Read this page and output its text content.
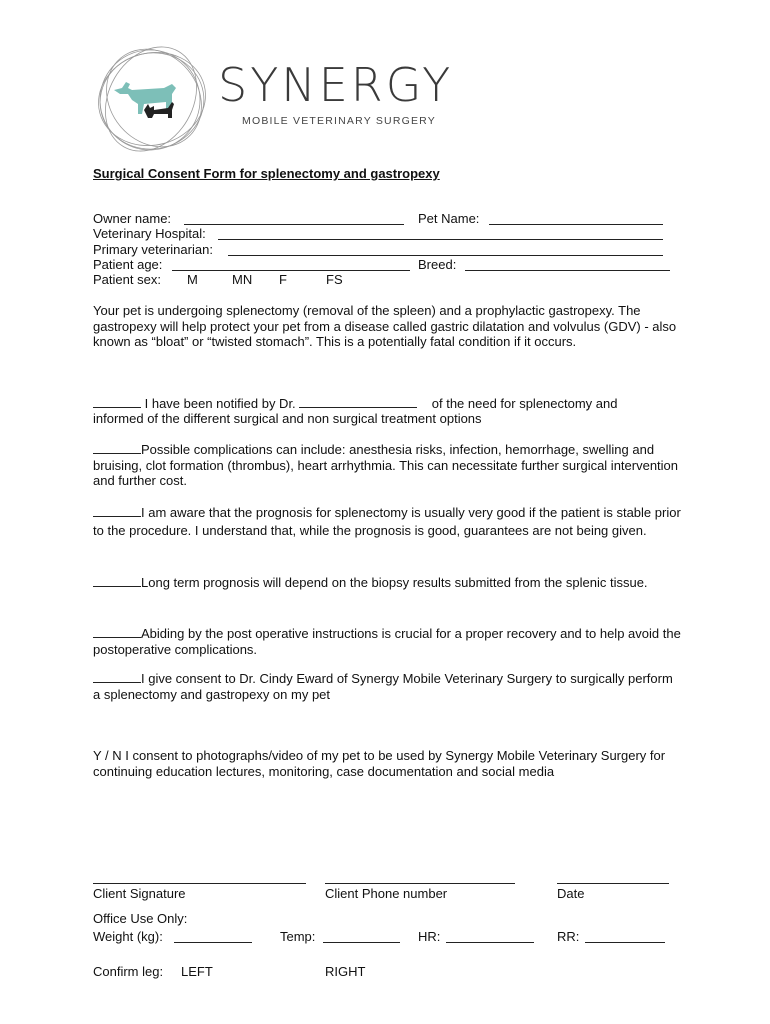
SYNERGY
MOBILE VETERINARY SURGERY
Surgical Consent Form for splenectomy and gastropexy
Owner name:	Pet Name:
Veterinary Hospital:
Primary veterinarian:
Patient age:	Breed:
Patient sex: M	MN F	FS
Your pet is undergoing splenectomy (removal of the spleen) and a prophylactic gastropexy. The gastropexy will help protect your pet from a disease called gastric dilatation and volvulus (GDV) - also known as “bloat” or “twisted stomach”. This is a potentially fatal condition if it occurs.
I have been notified by Dr.	of the need for splenectomy and
informed of the different surgical and non surgical treatment options
Possible complications can include: anesthesia risks, infection, hemorrhage, swelling and bruising, clot formation (thrombus), heart arrhythmia. This can necessitate further surgical intervention and further cost.
I am aware that the prognosis for splenectomy is usually very good if the patient is stable prior to the procedure. I understand that, while the prognosis is good, guarantees are not being given.
Long term prognosis will depend on the biopsy results submitted from the splenic tissue.
Abiding by the post operative instructions is crucial for a proper recovery and to help avoid the postoperative complications.
I give consent to Dr. Cindy Eward of Synergy Mobile Veterinary Surgery to surgically perform a splenectomy and gastropexy on my pet
Y / N I consent to photographs/video of my pet to be used by Synergy Mobile Veterinary Surgery for continuing education lectures, monitoring, case documentation and social media
Client Signature	Client Phone number	Date
Office Use Only:
Weight (kg):	Temp:	HR:	RR:
Confirm leg: LEFT	RIGHT
